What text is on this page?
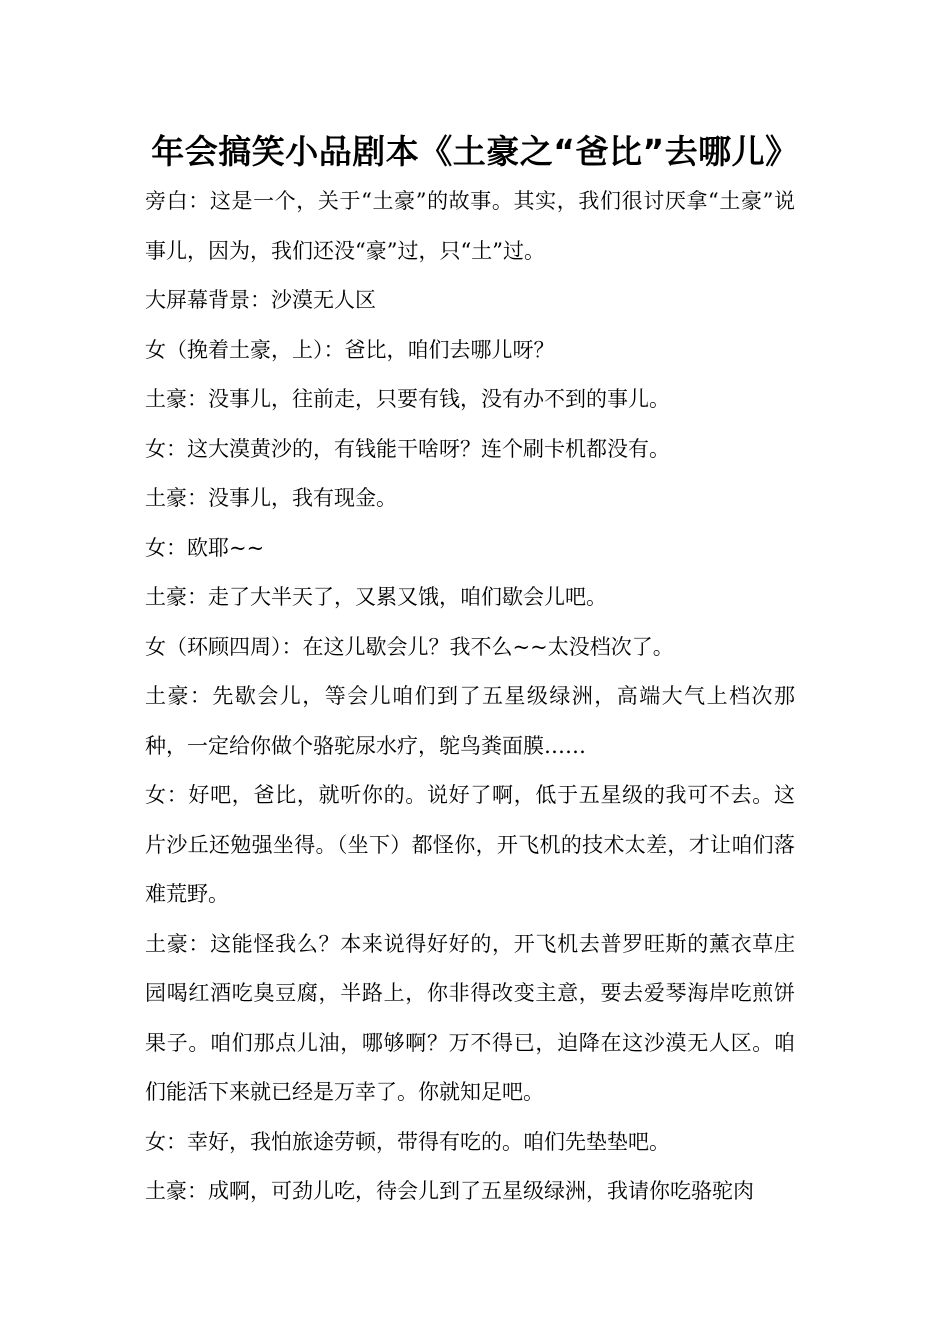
年会搞笑小品剧本《土豪之“爸比”去哪儿》

旁白：这是一个，关于“土豪”的故事。其实，我们很讨厌拿“土豪”说事儿，因为，我们还没“豪”过，只“土”过。

大屏幕背景：沙漠无人区

女（挽着土豪，上）：爸比，咱们去哪儿呀？

土豪：没事儿，往前走，只要有钱，没有办不到的事儿。

女：这大漠黄沙的，有钱能干啥呀？连个刷卡机都没有。

土豪：没事儿，我有现金。

女：欧耶~~

土豪：走了大半天了，又累又饿，咱们歇会儿吧。

女（环顾四周）：在这儿歇会儿？我不么~~太没档次了。

土豪：先歇会儿，等会儿咱们到了五星级绿洲，高端大气上档次那种，一定给你做个骆驼尿水疗，鸵鸟粪面膜……

女：好吧，爸比，就听你的。说好了啊，低于五星级的我可不去。这片沙丘还勉强坐得。（坐下）都怪你，开飞机的技术太差，才让咱们落难荒野。

土豪：这能怪我么？本来说得好好的，开飞机去普罗旺斯的薰衣草庄园喝红酒吃臭豆腐，半路上，你非得改变主意，要去爱琴海岸吃煎饼果子。咱们那点儿油，哪够啊？万不得已，迫降在这沙漠无人区。咱们能活下来就已经是万幸了。你就知足吧。

女：幸好，我怕旅途劳顿，带得有吃的。咱们先垫垫吧。

土豪：成啊，可劲儿吃，待会儿到了五星级绿洲，我请你吃骆驼肉
